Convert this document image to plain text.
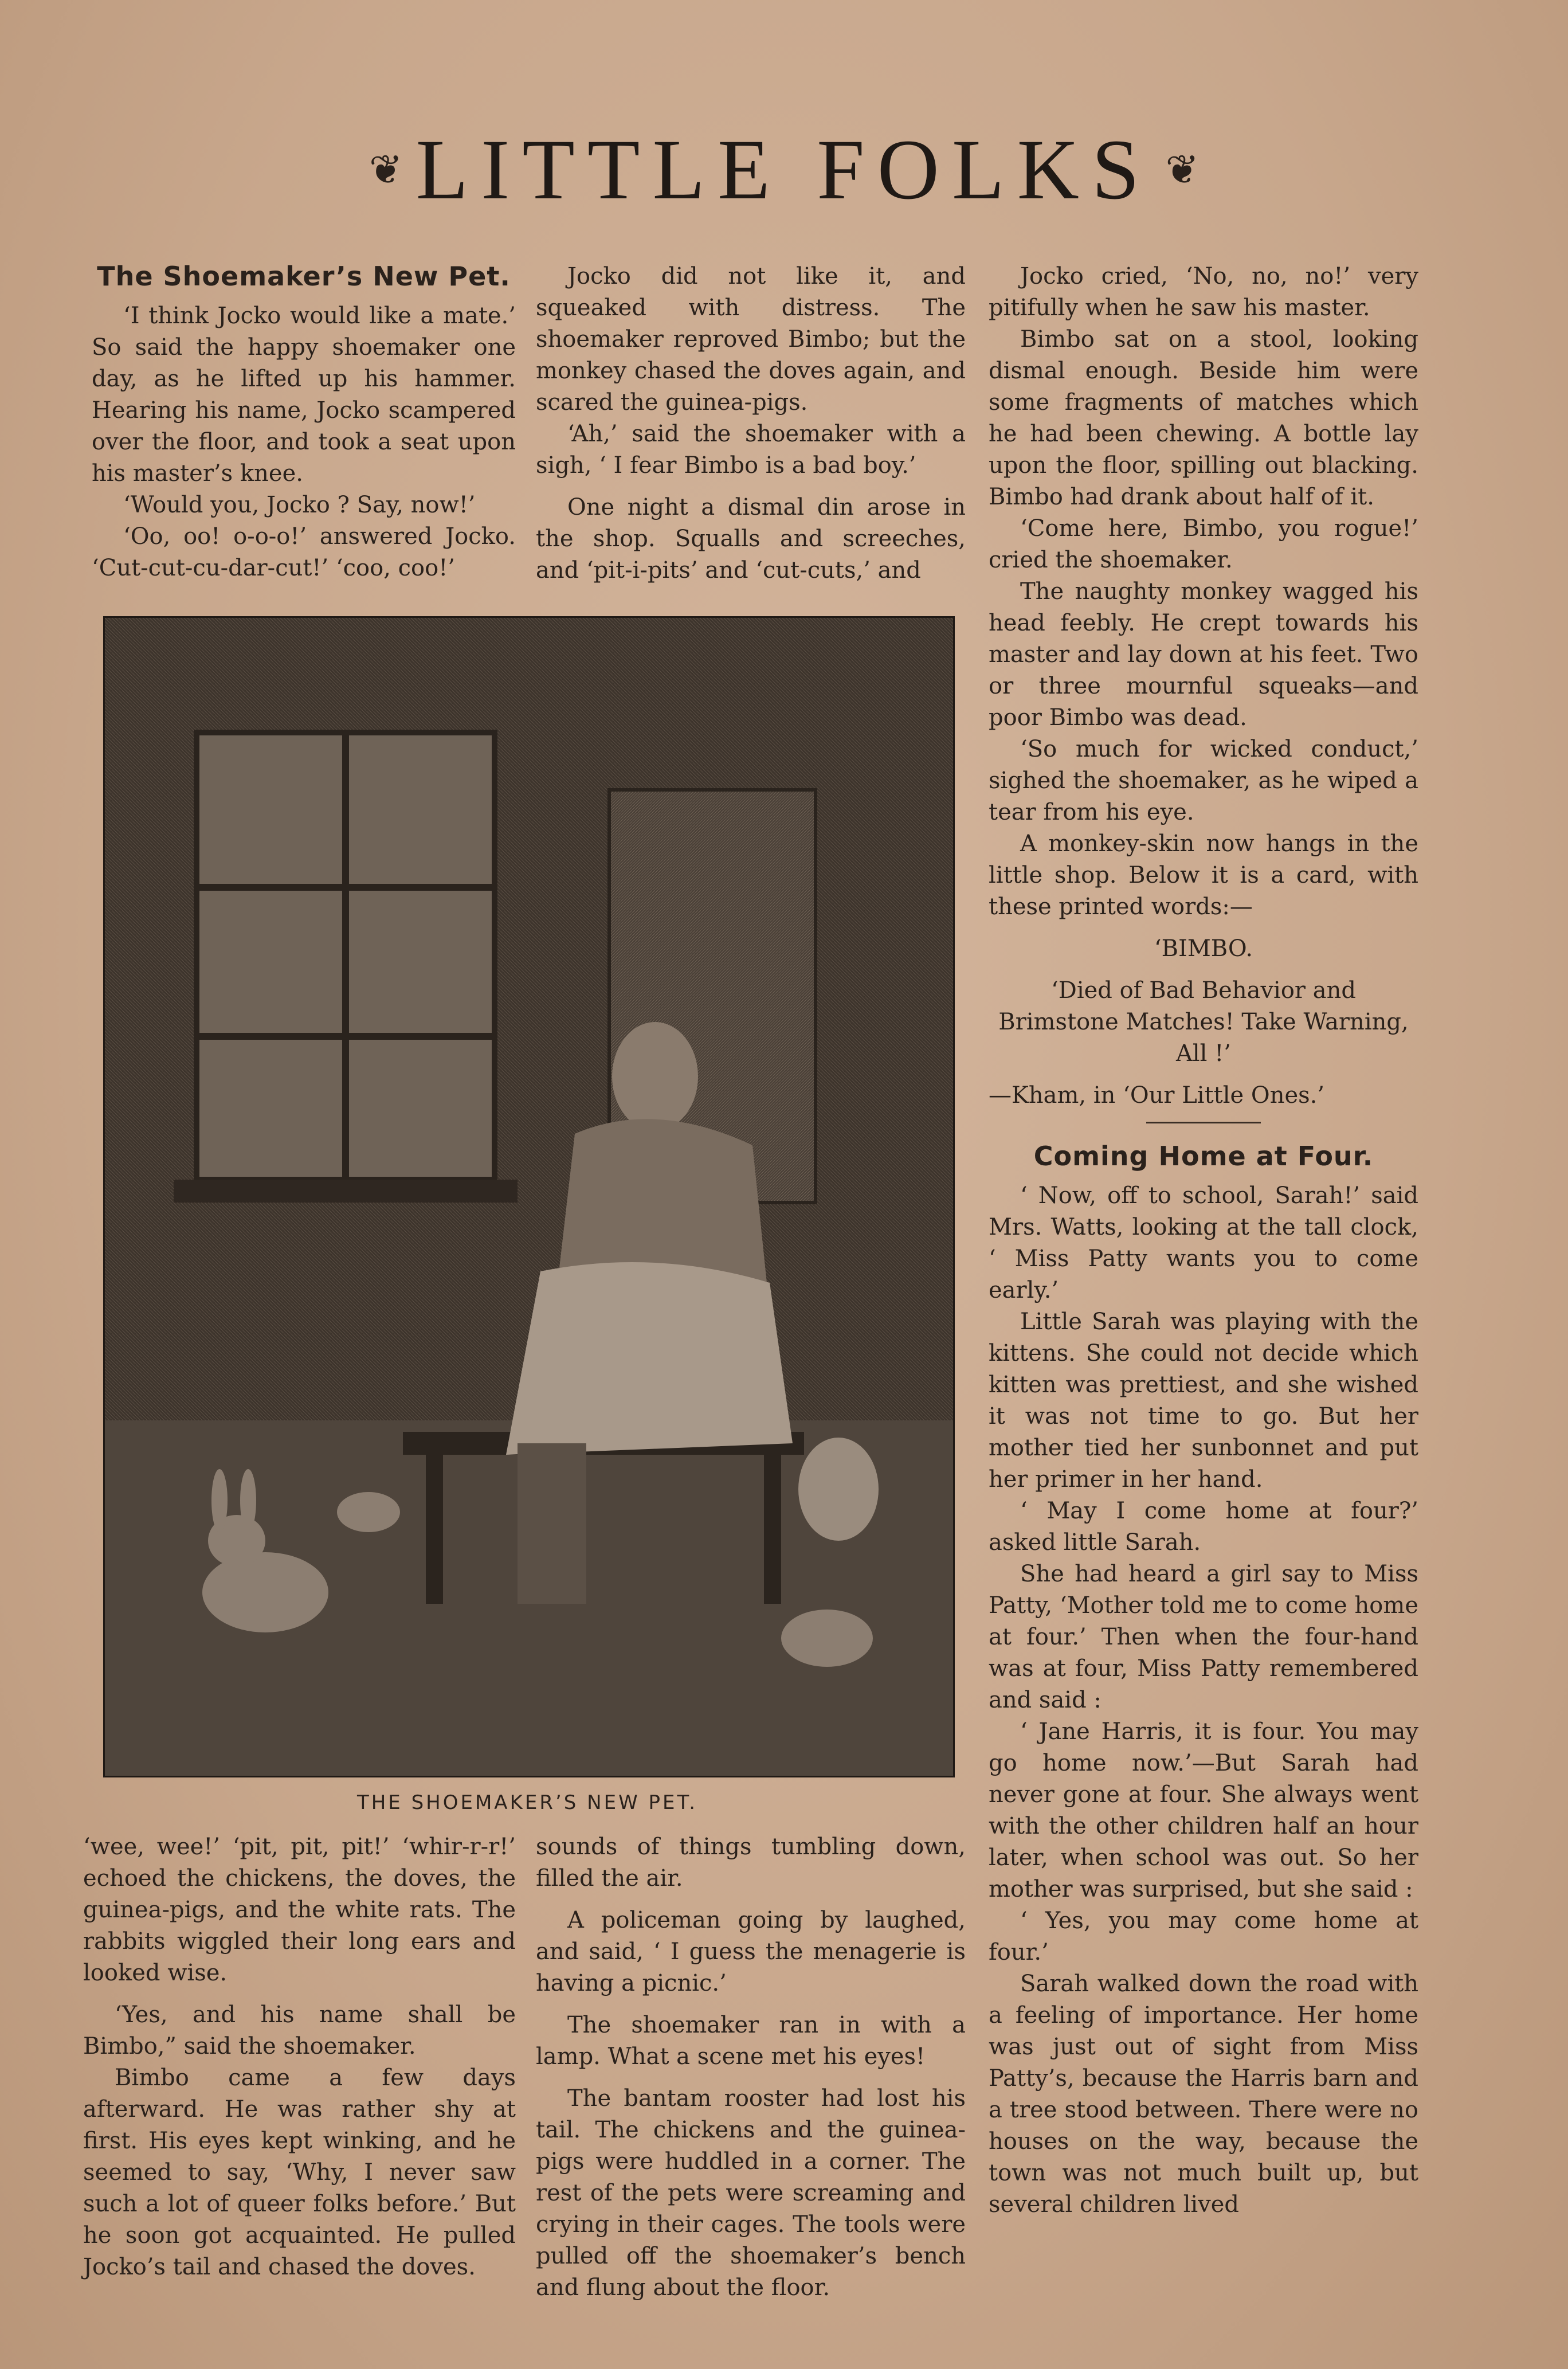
❦ LITTLE FOLKS ❦
The Shoemaker’s New Pet.

‘I think Jocko would like a mate.’ So said the happy shoemaker one day, as he lifted up his hammer. Hearing his name, Jocko scampered over the floor, and took a seat upon his master’s knee.

‘Would you, Jocko ? Say, now!’

‘Oo, oo! o-o-o!’ answered Jocko. ‘Cut-cut-cu-dar-cut!’ ‘coo, coo!’

Jocko did not like it, and squeaked with distress. The shoemaker reproved Bimbo; but the monkey chased the doves again, and scared the guinea-pigs.

‘Ah,’ said the shoemaker with a sigh, ‘ I fear Bimbo is a bad boy.’

One night a dismal din arose in the shop. Squalls and screeches, and ‘pit-i-pits’ and ‘cut-cuts,’ and

THE SHOEMAKER’S NEW PET.

‘wee, wee!’ ‘pit, pit, pit!’ ‘whir-r-r!’ echoed the chickens, the doves, the guinea-pigs, and the white rats. The rabbits wiggled their long ears and looked wise.

‘Yes, and his name shall be Bimbo,” said the shoemaker.

Bimbo came a few days afterward. He was rather shy at first. His eyes kept winking, and he seemed to say, ‘Why, I never saw such a lot of queer folks before.’ But he soon got acquainted. He pulled Jocko’s tail and chased the doves.

sounds of things tumbling down, filled the air.

A policeman going by laughed, and said, ‘ I guess the menagerie is having a picnic.’

The shoemaker ran in with a lamp. What a scene met his eyes!

The bantam rooster had lost his tail. The chickens and the guinea-pigs were huddled in a corner. The rest of the pets were screaming and crying in their cages. The tools were pulled off the shoemaker’s bench and flung about the floor.

Jocko cried, ‘No, no, no!’ very pitifully when he saw his master.

Bimbo sat on a stool, looking dismal enough. Beside him were some fragments of matches which he had been chewing. A bottle lay upon the floor, spilling out blacking. Bimbo had drank about half of it.

‘Come here, Bimbo, you rogue!’ cried the shoemaker.

The naughty monkey wagged his head feebly. He crept towards his master and lay down at his feet. Two or three mournful squeaks—and poor Bimbo was dead.

‘So much for wicked conduct,’ sighed the shoemaker, as he wiped a tear from his eye.

A monkey-skin now hangs in the little shop. Below it is a card, with these printed words:—

‘BIMBO.

‘Died of Bad Behavior and Brimstone Matches! Take Warning, All !’

—Kham, in ‘Our Little Ones.’

Coming Home at Four.

‘ Now, off to school, Sarah!’ said Mrs. Watts, looking at the tall clock, ‘ Miss Patty wants you to come early.’

Little Sarah was playing with the kittens. She could not decide which kitten was prettiest, and she wished it was not time to go. But her mother tied her sunbonnet and put her primer in her hand.

‘ May I come home at four?’ asked little Sarah.

She had heard a girl say to Miss Patty, ‘Mother told me to come home at four.’ Then when the four-hand was at four, Miss Patty remembered and said :

‘ Jane Harris, it is four. You may go home now.’—But Sarah had never gone at four. She always went with the other children half an hour later, when school was out. So her mother was surprised, but she said :

‘ Yes, you may come home at four.’

Sarah walked down the road with a feeling of importance. Her home was just out of sight from Miss Patty’s, because the Harris barn and a tree stood between. There were no houses on the way, because the town was not much built up, but several children lived
